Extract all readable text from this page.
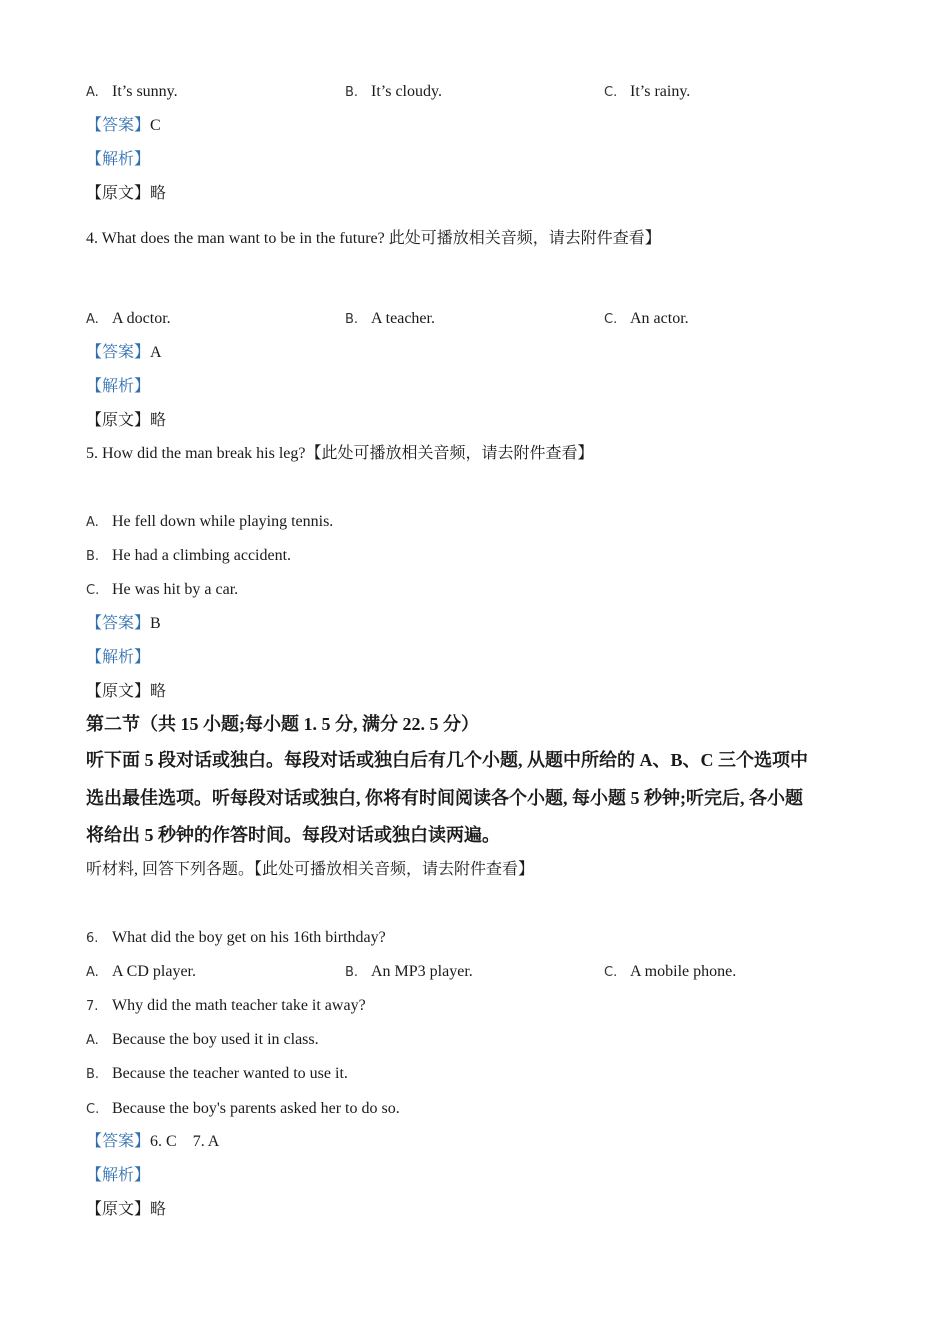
A. It’s sunny.	B. It’s cloudy.	C. It’s rainy.
【答案】C
【解析】
【原文】略
4. What does the man want to be in the future? 此处可播放相关音频，请去附件查看】
A. A doctor.	B. A teacher.	C. An actor.
【答案】A
【解析】
【原文】略
5. How did the man break his leg?【此处可播放相关音频，请去附件查看】
A. He fell down while playing tennis.
B. He had a climbing accident.
C. He was hit by a car.
【答案】B
【解析】
【原文】略
第二节（共 15 小题;每小题 1. 5 分, 满分 22. 5 分）
听下面 5 段对话或独白。每段对话或独白后有几个小题, 从题中所给的 A、B、C 三个选项中
选出最佳选项。听每段对话或独白, 你将有时间阅读各个小题, 每小题 5 秒钟;听完后, 各小题
将给出 5 秒钟的作答时间。每段对话或独白读两遍。
听材料, 回答下列各题。【此处可播放相关音频，请去附件查看】
6. What did the boy get on his 16th birthday?
A. A CD player.	B. An MP3 player.	C. A mobile phone.
7. Why did the math teacher take it away?
A. Because the boy used it in class.
B. Because the teacher wanted to use it.
C. Because the boy's parents asked her to do so.
【答案】6. C    7. A
【解析】
【原文】略
